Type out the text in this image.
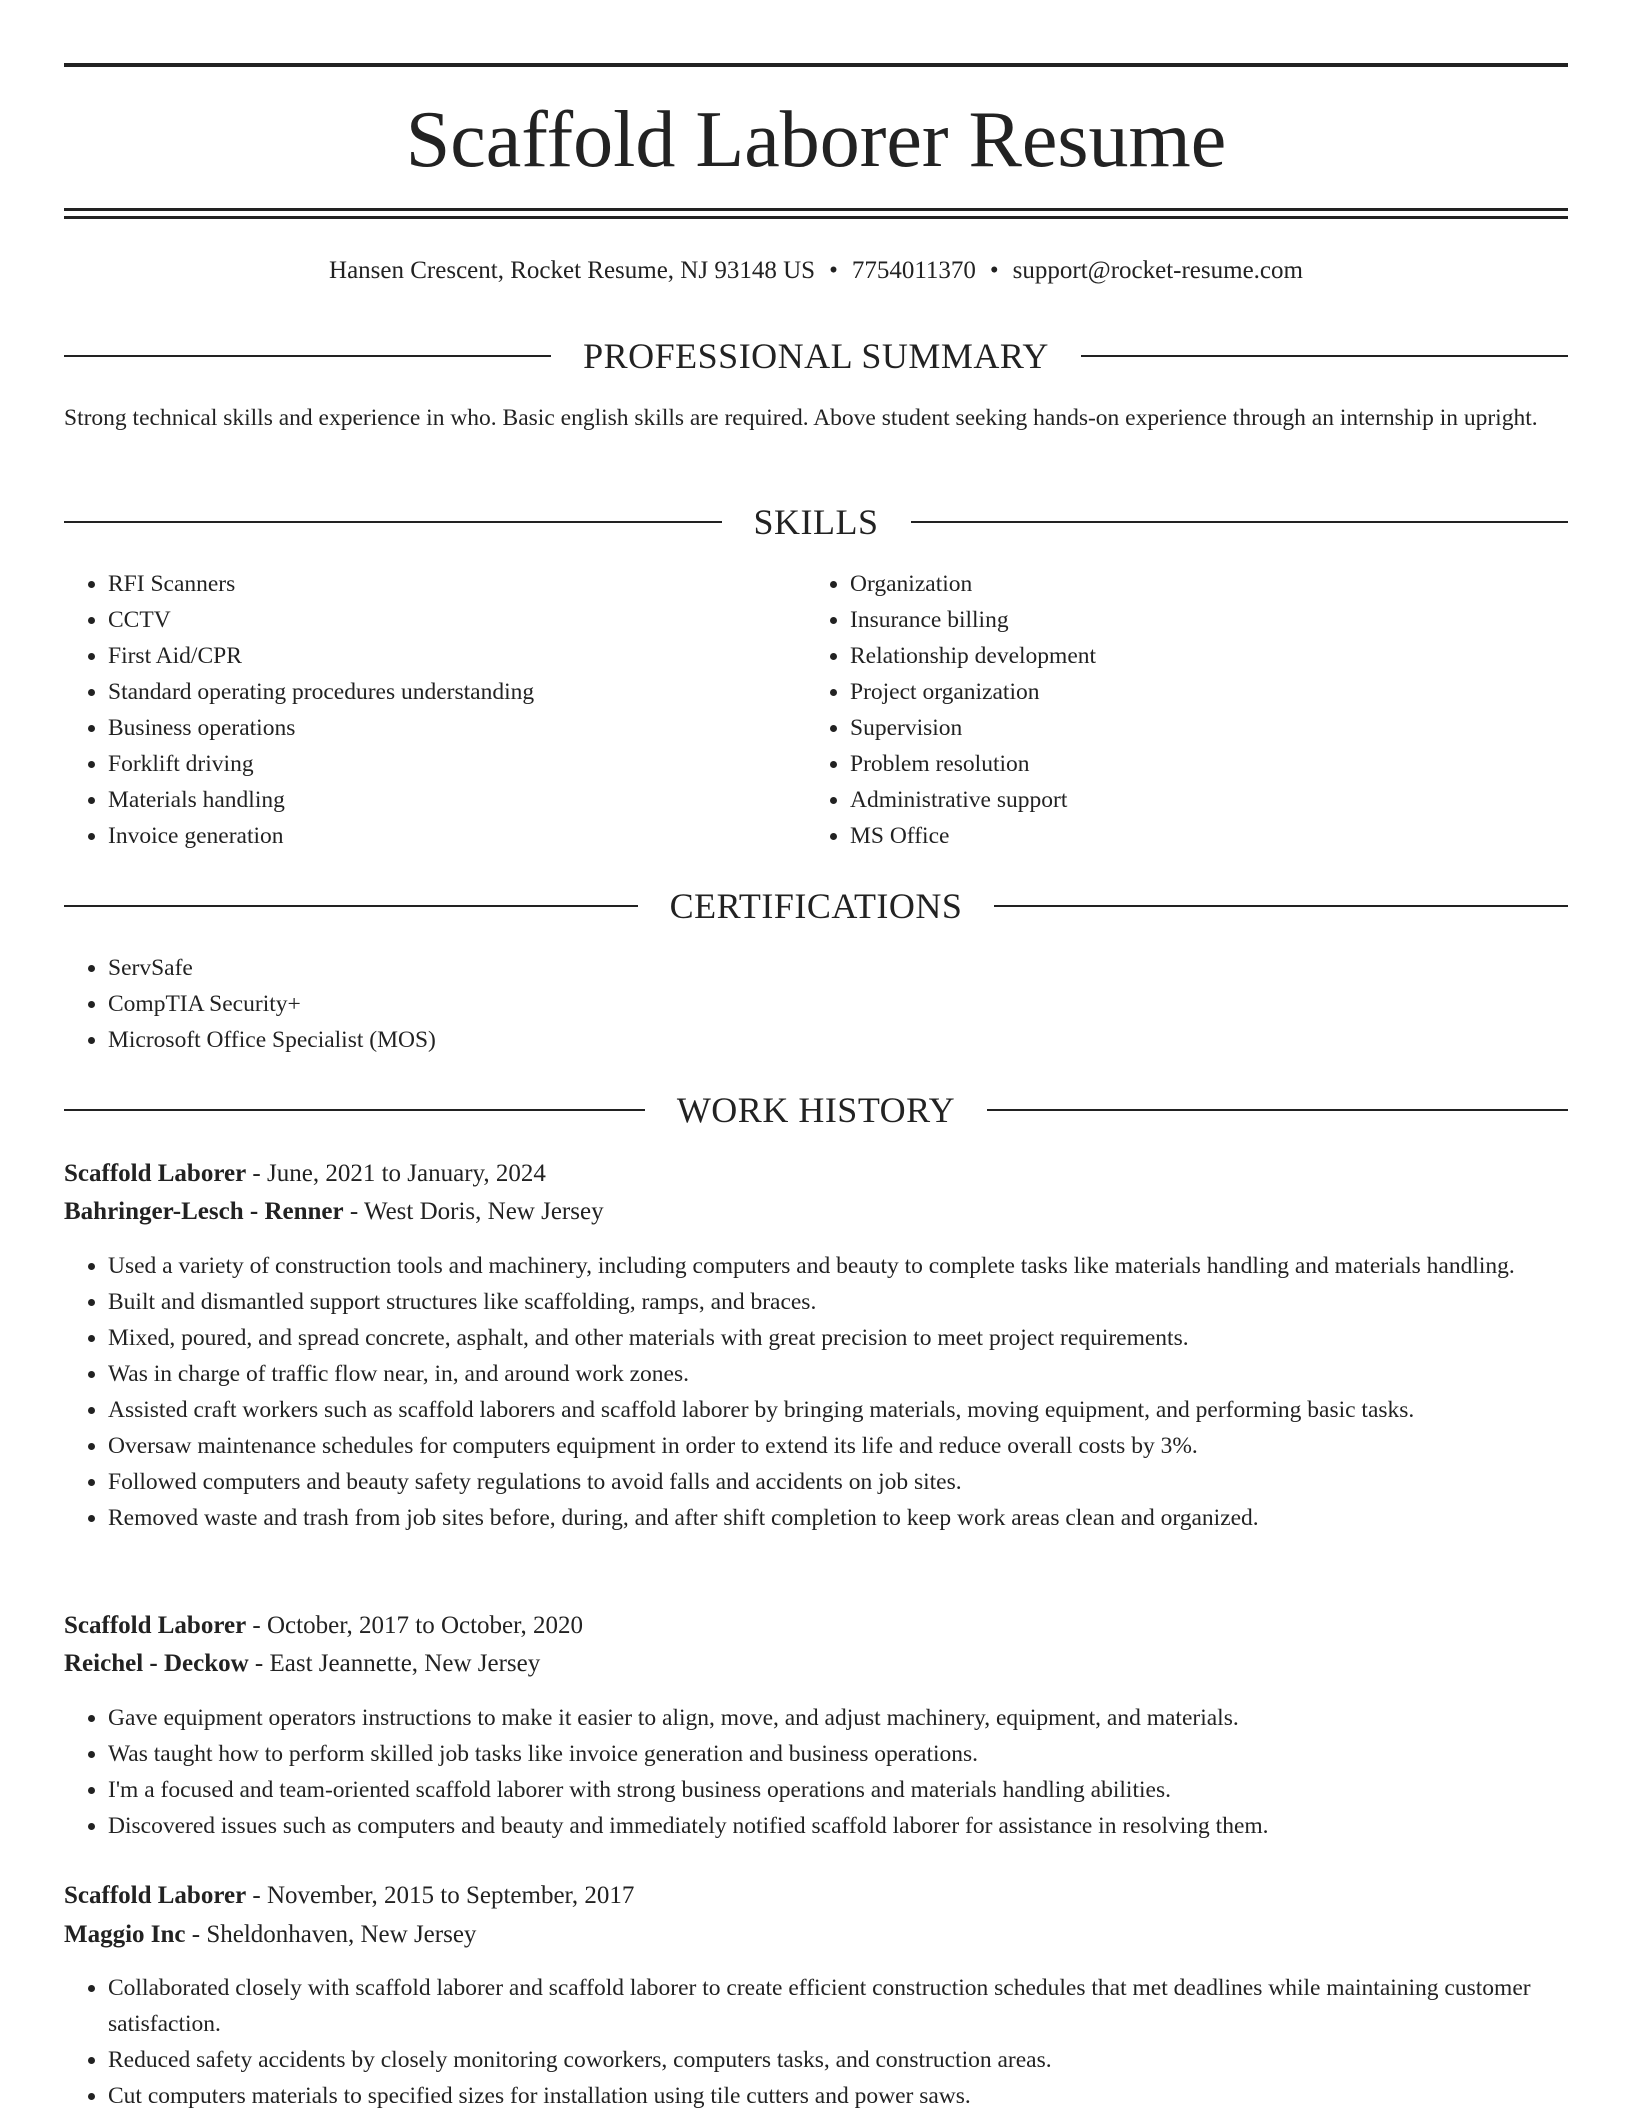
Scaffold Laborer Resume
Hansen Crescent, Rocket Resume, NJ 93148 US • 7754011370 • support@rocket-resume.com
PROFESSIONAL SUMMARY

Strong technical skills and experience in who. Basic english skills are required. Above student seeking hands-on experience through an internship in upright.

SKILLS
• RFI Scanners
• CCTV
• First Aid/CPR
• Standard operating procedures understanding
• Business operations
• Forklift driving
• Materials handling
• Invoice generation
• Organization
• Insurance billing
• Relationship development
• Project organization
• Supervision
• Problem resolution
• Administrative support
• MS Office
CERTIFICATIONS
• ServSafe
• CompTIA Security+
• Microsoft Office Specialist (MOS)
WORK HISTORY
Scaffold Laborer - June, 2021 to January, 2024
Bahringer-Lesch - Renner - West Doris, New Jersey
• Used a variety of construction tools and machinery, including computers and beauty to complete tasks like materials handling and materials handling.
• Built and dismantled support structures like scaffolding, ramps, and braces.
• Mixed, poured, and spread concrete, asphalt, and other materials with great precision to meet project requirements.
• Was in charge of traffic flow near, in, and around work zones.
• Assisted craft workers such as scaffold laborers and scaffold laborer by bringing materials, moving equipment, and performing basic tasks.
• Oversaw maintenance schedules for computers equipment in order to extend its life and reduce overall costs by 3%.
• Followed computers and beauty safety regulations to avoid falls and accidents on job sites.
• Removed waste and trash from job sites before, during, and after shift completion to keep work areas clean and organized.
Scaffold Laborer - October, 2017 to October, 2020
Reichel - Deckow - East Jeannette, New Jersey
• Gave equipment operators instructions to make it easier to align, move, and adjust machinery, equipment, and materials.
• Was taught how to perform skilled job tasks like invoice generation and business operations.
• I'm a focused and team-oriented scaffold laborer with strong business operations and materials handling abilities.
• Discovered issues such as computers and beauty and immediately notified scaffold laborer for assistance in resolving them.
Scaffold Laborer - November, 2015 to September, 2017
Maggio Inc - Sheldonhaven, New Jersey
• Collaborated closely with scaffold laborer and scaffold laborer to create efficient construction schedules that met deadlines while maintaining customer satisfaction.
• Reduced safety accidents by closely monitoring coworkers, computers tasks, and construction areas.
• Cut computers materials to specified sizes for installation using tile cutters and power saws.
